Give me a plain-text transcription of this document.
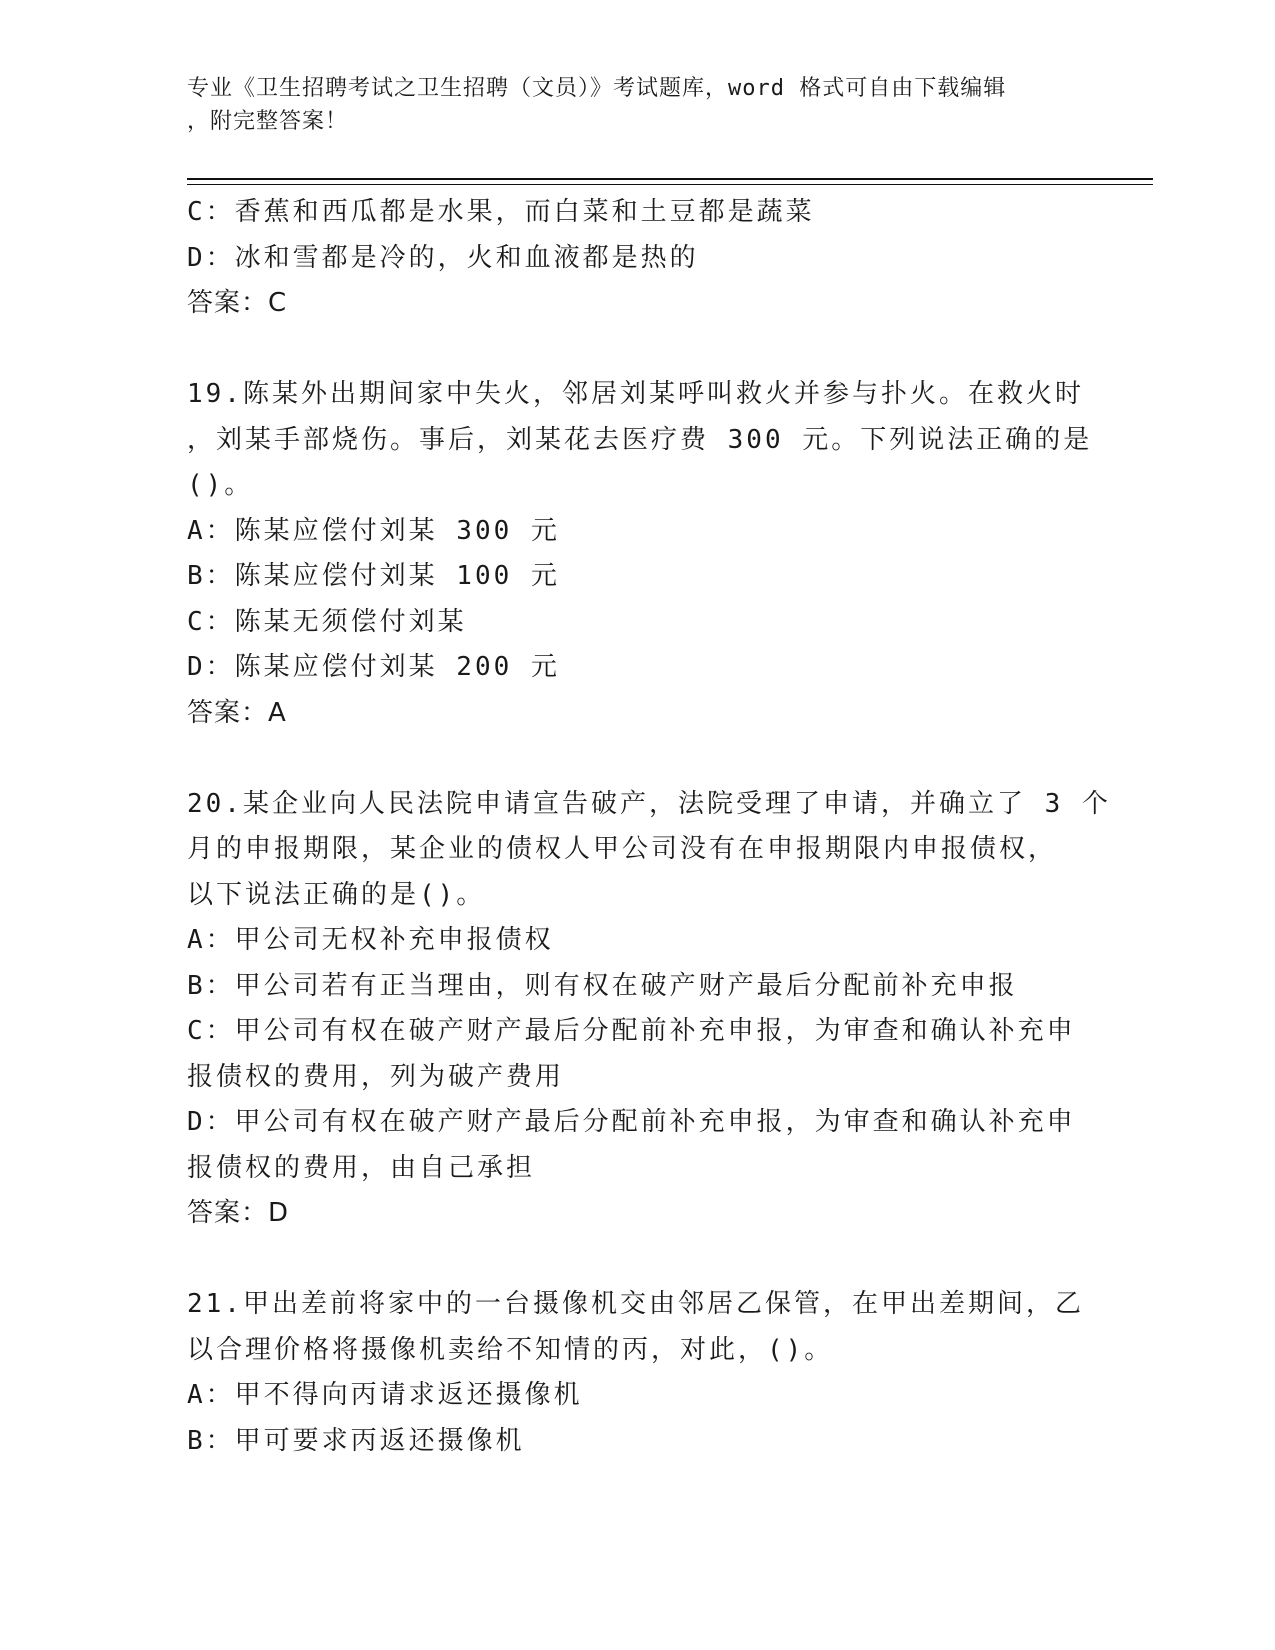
专业《卫生招聘考试之卫生招聘（文员）》考试题库，word 格式可自由下载编辑
，附完整答案！
C：香蕉和西瓜都是水果，而白菜和土豆都是蔬菜
D：冰和雪都是冷的，火和血液都是热的
答案：C
19.陈某外出期间家中失火，邻居刘某呼叫救火并参与扑火。在救火时
，刘某手部烧伤。事后，刘某花去医疗费 300 元。下列说法正确的是
()。
A：陈某应偿付刘某 300 元
B：陈某应偿付刘某 100 元
C：陈某无须偿付刘某
D：陈某应偿付刘某 200 元
答案：A
20.某企业向人民法院申请宣告破产，法院受理了申请，并确立了 3 个
月的申报期限，某企业的债权人甲公司没有在申报期限内申报债权，
以下说法正确的是()。
A：甲公司无权补充申报债权
B：甲公司若有正当理由，则有权在破产财产最后分配前补充申报
C：甲公司有权在破产财产最后分配前补充申报，为审查和确认补充申
报债权的费用，列为破产费用
D：甲公司有权在破产财产最后分配前补充申报，为审查和确认补充申
报债权的费用，由自己承担
答案：D
21.甲出差前将家中的一台摄像机交由邻居乙保管，在甲出差期间，乙
以合理价格将摄像机卖给不知情的丙，对此，()。
A：甲不得向丙请求返还摄像机
B：甲可要求丙返还摄像机
